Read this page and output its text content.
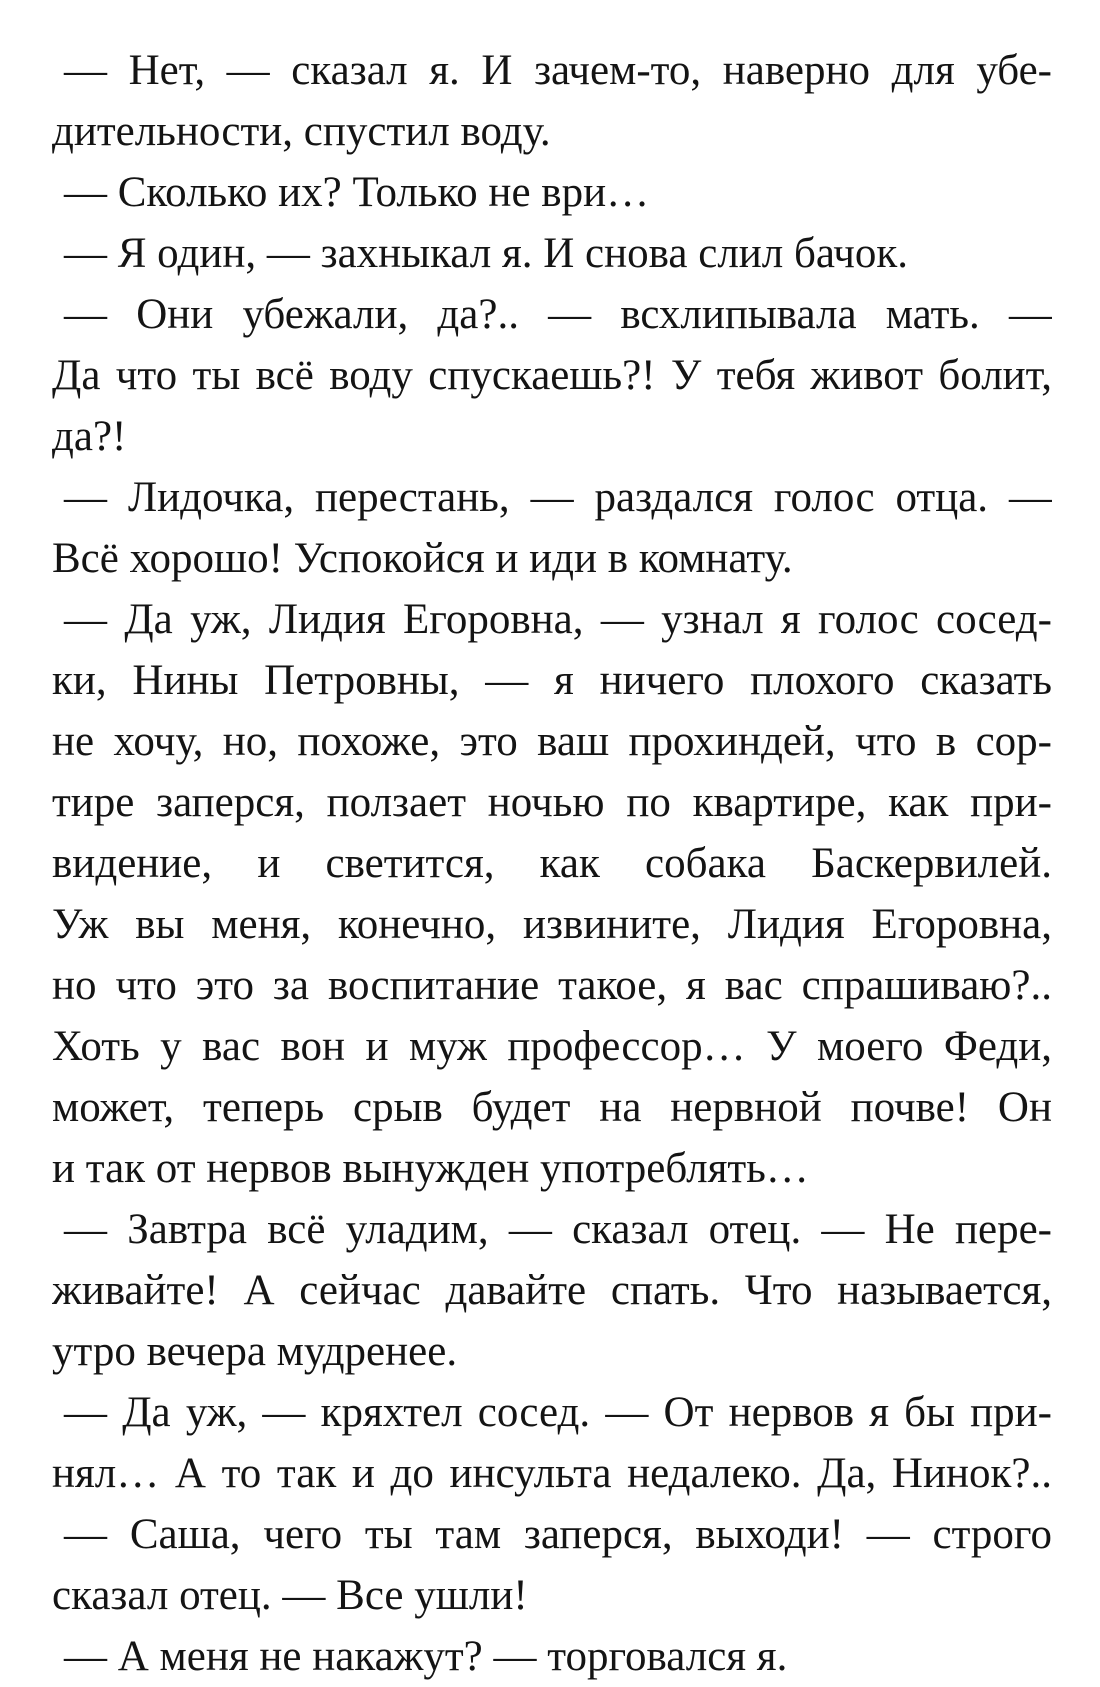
— Нет, — сказал я. И зачем-то, наверно для убе-
дительности, спустил воду.
— Сколько их? Только не ври…
— Я один, — захныкал я. И снова слил бачок.
— Они убежали, да?.. — всхлипывала мать. —
Да что ты всё воду спускаешь?! У тебя живот болит,
да?!
— Лидочка, перестань, — раздался голос отца. —
Всё хорошо! Успокойся и иди в комнату.
— Да уж, Лидия Егоровна, — узнал я голос сосед-
ки, Нины Петровны, — я ничего плохого сказать
не хочу, но, похоже, это ваш прохиндей, что в сор-
тире заперся, ползает ночью по квартире, как при-
видение, и светится, как собака Баскервилей.
Уж вы меня, конечно, извините, Лидия Егоровна,
но что это за воспитание такое, я вас спрашиваю?..
Хоть у вас вон и муж профессор… У моего Феди,
может, теперь срыв будет на нервной почве! Он
и так от нервов вынужден употреблять…
— Завтра всё уладим, — сказал отец. — Не пере-
живайте! А сейчас давайте спать. Что называется,
утро вечера мудренее.
— Да уж, — кряхтел сосед. — От нервов я бы при-
нял… А то так и до инсульта недалеко. Да, Нинок?..
— Саша, чего ты там заперся, выходи! — строго
сказал отец. — Все ушли!
— А меня не накажут? — торговался я.
